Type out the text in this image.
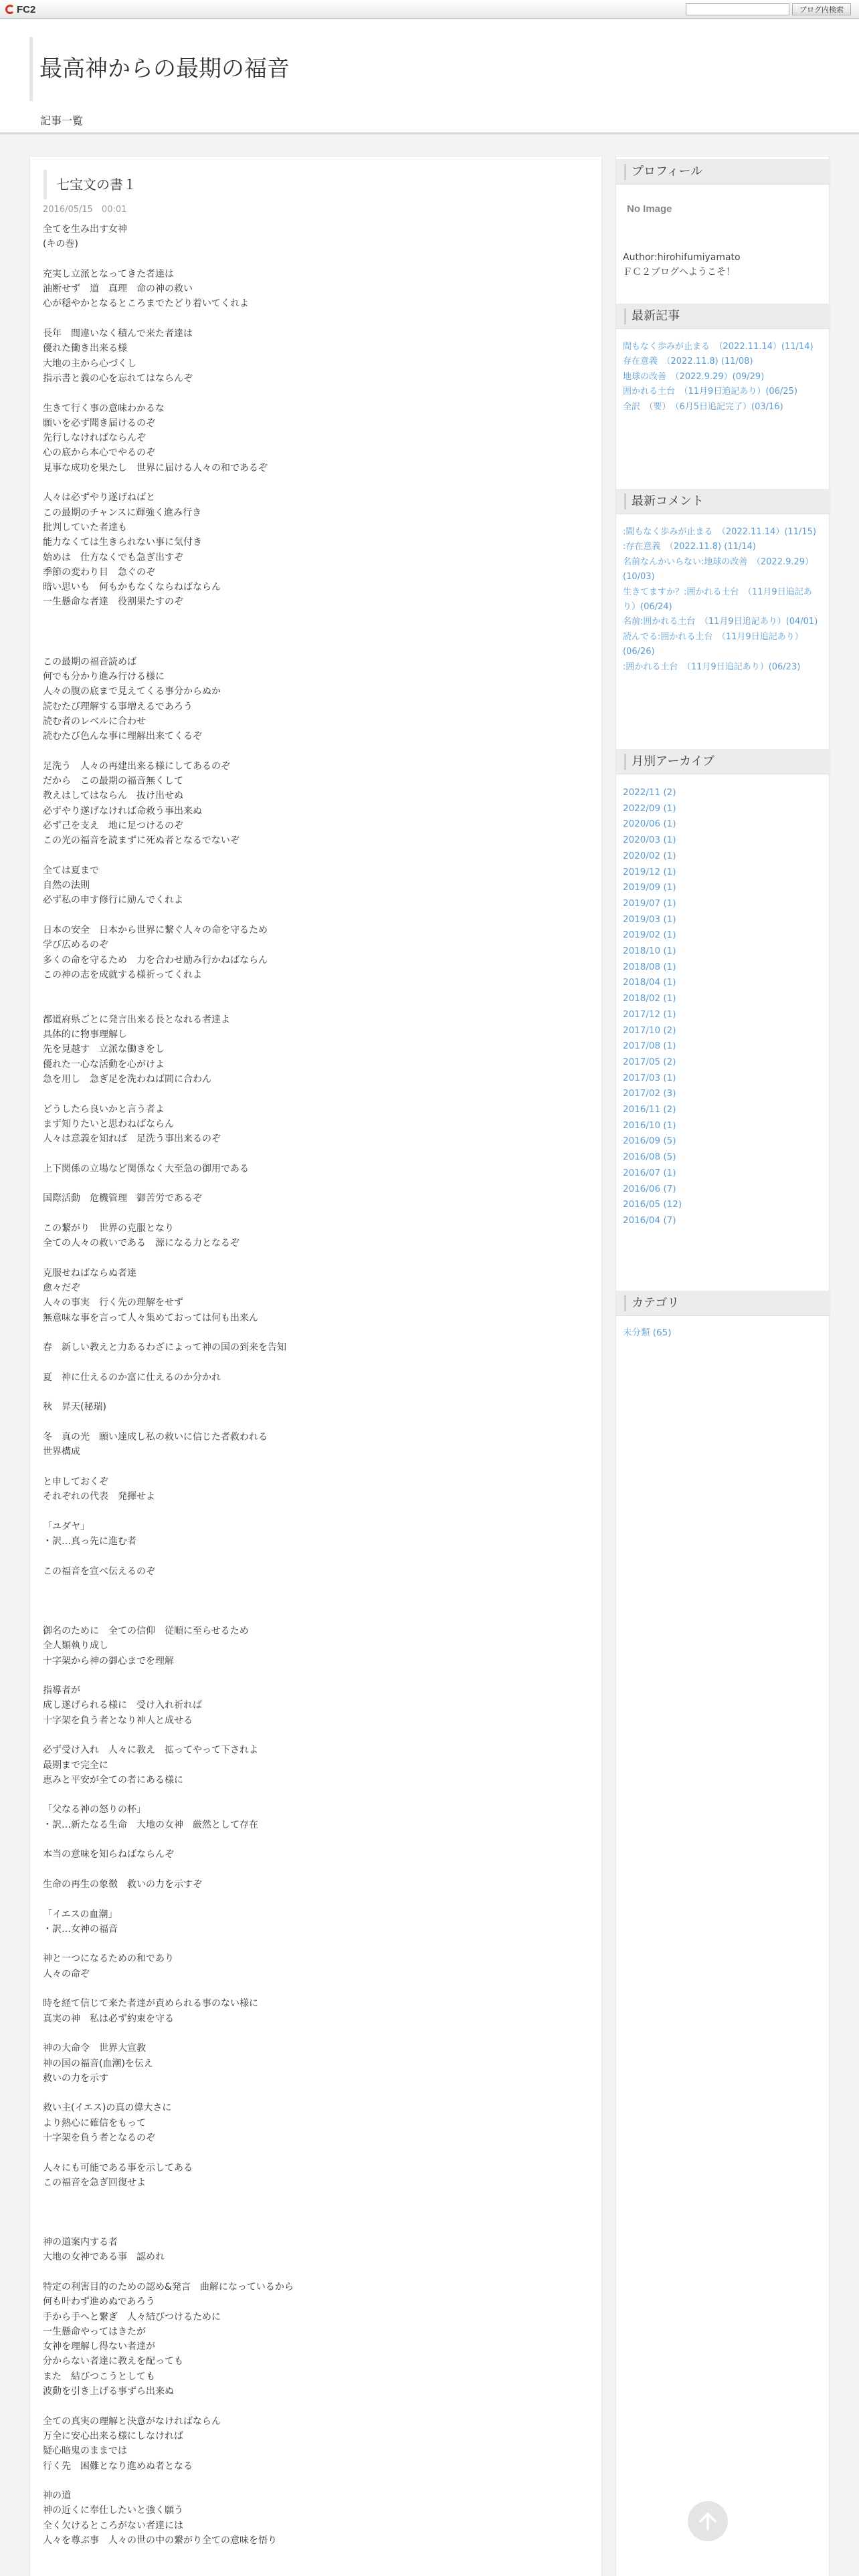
FC2	ブログ内検索
最高神からの最期の福音
記事一覧
七宝文の書１
2016/05/15　00:01
全てを生み出す女神
(キの巻)

充実し立派となってきた者達は
油断せず　道　真理　命の神の救い
心が穏やかとなるところまでたどり着いてくれよ

長年　間違いなく積んで来た者達は
優れた働き出来る様
大地の主から心づくし
指示書と義の心を忘れてはならんぞ

生きて行く事の意味わかるな
願いを必ず聞き届けるのぞ
先行しなければならんぞ
心の底から本心でやるのぞ
見事な成功を果たし　世界に届ける人々の和であるぞ

人々は必ずやり遂げねばと
この最期のチャンスに輝強く進み行き
批判していた者達も
能力なくては生きられない事に気付き
始めは　仕方なくでも急ぎ出すぞ
季節の変わり目　急ぐのぞ
暗い思いも　何もかもなくならねばならん
一生懸命な者達　役割果たすのぞ

この最期の福音読めば
何でも分かり進み行ける様に
人々の腹の底まで見えてくる事分からぬか
読むたび理解する事増えるであろう
読む者のレベルに合わせ
読むたび色んな事に理解出来てくるぞ

足洗う　人々の再建出来る様にしてあるのぞ
だから　この最期の福音無くして
教えはしてはならん　抜け出せぬ
必ずやり遂げなければ命救う事出来ぬ
必ず己を支え　地に足つけるのぞ
この光の福音を読まずに死ぬ者となるでないぞ

全ては夏まで
自然の法則
必ず私の申す修行に励んでくれよ

日本の安全　日本から世界に繋ぐ人々の命を守るため
学び広めるのぞ
多くの命を守るため　力を合わせ励み行かねばならん
この神の志を成就する様祈ってくれよ

都道府県ごとに発言出来る長となれる者達よ
具体的に物事理解し
先を見越す　立派な働きをし
優れた一心な活動を心がけよ
急を用し　急ぎ足を洗わねば間に合わん

どうしたら良いかと言う者よ
まず知りたいと思わねばならん
人々は意義を知れば　足洗う事出来るのぞ

上下関係の立場など関係なく大至急の御用である

国際活動　危機管理　御苦労であるぞ

この繋がり　世界の克服となり
全ての人々の救いである　源になる力となるぞ

克服せねばならぬ者達
愈々だぞ
人々の事実　行く先の理解をせず
無意味な事を言って人々集めておっては何も出来ん

春　新しい教えと力あるわざによって神の国の到来を告知

夏　神に仕えるのか富に仕えるのか分かれ

秋　昇天(秘瑞)

冬　真の光　願い達成し私の救いに信じた者救われる
世界構成

と申しておくぞ
それぞれの代表　発揮せよ

「ユダヤ」
・訳…真っ先に進む者

この福音を宣べ伝えるのぞ

御名のために　全ての信仰　従順に至らせるため
全人類執り成し
十字架から神の御心までを理解

指導者が
成し遂げられる様に　受け入れ祈れば
十字架を負う者となり神人と成せる

必ず受け入れ　人々に教え　拡ってやって下されよ
最期まで完全に
恵みと平安が全ての者にある様に

「父なる神の怒りの杯」
・訳…新たなる生命　大地の女神　厳然として存在

本当の意味を知らねばならんぞ

生命の再生の象徴　救いの力を示すぞ

「イエスの血潮」
・訳…女神の福音

神と一つになるための和であり
人々の命ぞ

時を経て信じて来た者達が責められる事のない様に
真実の神　私は必ず約束を守る

神の大命令　世界大宣教
神の国の福音(血潮)を伝え
救いの力を示す

救い主(イエス)の真の偉大さに
より熱心に確信をもって
十字架を負う者となるのぞ

人々にも可能である事を示してある
この福音を急ぎ回復せよ

神の道案内する者
大地の女神である事　認めれ

特定の利害目的のための認め&発言　曲解になっているから
何も叶わず進めぬであろう
手から手へと繋ぎ　人々結びつけるために
一生懸命やってはきたが
女神を理解し得ない者達が
分からない者達に教えを配っても
また　結びつこうとしても
波動を引き上げる事ずら出来ぬ

全ての真実の理解と決意がなければならん
万全に安心出来る様にしなければ
疑心暗鬼のままでは
行く先　困難となり進めぬ者となる

神の道
神の近くに奉仕したいと強く願う
全く欠けるところがない者達には
人々を尊ぶ事　人々の世の中の繋がり全ての意味を悟り
プロフィール
No Image
Author:hirohifumiyamato
ＦＣ２ブログへようこそ！
最新記事
間もなく歩みが止まる　（2022.11.14）(11/14)
存在意義　（2022.11.8) (11/08)
地球の改善　（2022.9.29）(09/29)
囲かれる土台　（11月9日追記あり）(06/25)
全訳　（要）　（6月5日追記完了）(03/16)
最新コメント
:間もなく歩みが止まる　（2022.11.14）(11/15)
:存在意義　（2022.11.8) (11/14)
名前なんかいらない:地球の改善　（2022.9.29）(10/03)
生きてますか？:囲かれる土台　（11月9日追記あり）(06/24)
名前:囲かれる土台　（11月9日追記あり）(04/01)
読んでる:囲かれる土台　（11月9日追記あり）(06/26)
:囲かれる土台　（11月9日追記あり）(06/23)
月別アーカイブ
2022/11 (2)
2022/09 (1)
2020/06 (1)
2020/03 (1)
2020/02 (1)
2019/12 (1)
2019/09 (1)
2019/07 (1)
2019/03 (1)
2019/02 (1)
2018/10 (1)
2018/08 (1)
2018/04 (1)
2018/02 (1)
2017/12 (1)
2017/10 (2)
2017/08 (1)
2017/05 (2)
2017/03 (1)
2017/02 (3)
2016/11 (2)
2016/10 (1)
2016/09 (5)
2016/08 (5)
2016/07 (1)
2016/06 (7)
2016/05 (12)
2016/04 (7)
カテゴリ
未分類 (65)
